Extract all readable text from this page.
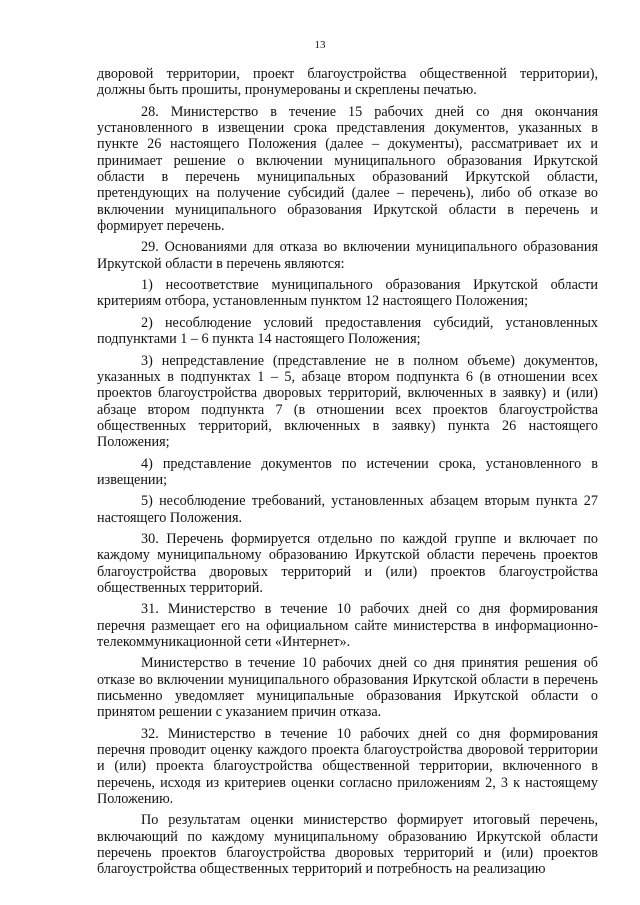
13

дворовой территории, проект благоустройства общественной территории), должны быть прошиты, пронумерованы и скреплены печатью.

28. Министерство в течение 15 рабочих дней со дня окончания установленного в извещении срока представления документов, указанных в пункте 26 настоящего Положения (далее – документы), рассматривает их и принимает решение о включении муниципального образования Иркутской области в перечень муниципальных образований Иркутской области, претендующих на получение субсидий (далее – перечень), либо об отказе во включении муниципального образования Иркутской области в перечень и формирует перечень.

29. Основаниями для отказа во включении муниципального образования Иркутской области в перечень являются:

1) несоответствие муниципального образования Иркутской области критериям отбора, установленным пунктом 12 настоящего Положения;

2) несоблюдение условий предоставления субсидий, установленных подпунктами 1 – 6 пункта 14 настоящего Положения;

3) непредставление (представление не в полном объеме) документов, указанных в подпунктах 1 – 5, абзаце втором подпункта 6 (в отношении всех проектов благоустройства дворовых территорий, включенных в заявку) и (или) абзаце втором подпункта 7 (в отношении всех проектов благоустройства общественных территорий, включенных в заявку) пункта 26 настоящего Положения;

4) представление документов по истечении срока, установленного в извещении;

5) несоблюдение требований, установленных абзацем вторым пункта 27 настоящего Положения.

30. Перечень формируется отдельно по каждой группе и включает по каждому муниципальному образованию Иркутской области перечень проектов благоустройства дворовых территорий и (или) проектов благоустройства общественных территорий.

31. Министерство в течение 10 рабочих дней со дня формирования перечня размещает его на официальном сайте министерства в информационно-телекоммуникационной сети «Интернет».

Министерство в течение 10 рабочих дней со дня принятия решения об отказе во включении муниципального образования Иркутской области в перечень письменно уведомляет муниципальные образования Иркутской области о принятом решении с указанием причин отказа.

32. Министерство в течение 10 рабочих дней со дня формирования перечня проводит оценку каждого проекта благоустройства дворовой территории и (или) проекта благоустройства общественной территории, включенного в перечень, исходя из критериев оценки согласно приложениям 2, 3 к настоящему Положению.

По результатам оценки министерство формирует итоговый перечень, включающий по каждому муниципальному образованию Иркутской области перечень проектов благоустройства дворовых территорий и (или) проектов благоустройства общественных территорий и потребность на реализацию
